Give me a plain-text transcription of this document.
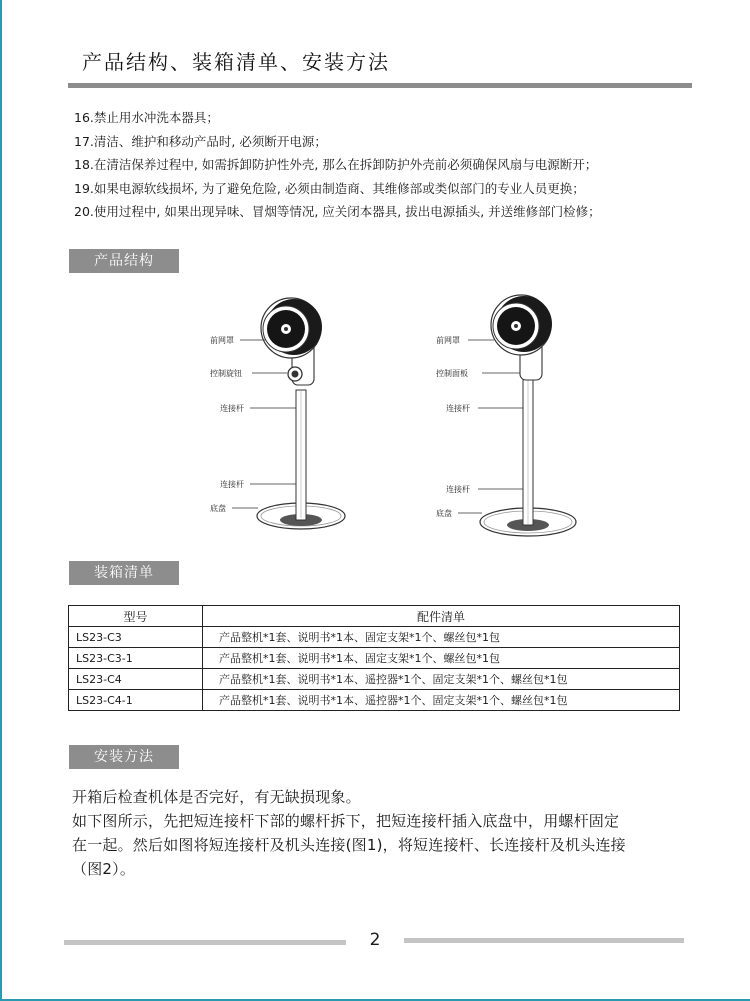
产品结构、装箱清单、安装方法
16.禁止用水冲洗本器具；
17.清洁、维护和移动产品时, 必须断开电源；
18.在清洁保养过程中, 如需拆卸防护性外壳, 那么在拆卸防护外壳前必须确保风扇与电源断开；
19.如果电源软线损坏, 为了避免危险, 必须由制造商、其维修部或类似部门的专业人员更换；
20.使用过程中, 如果出现异味、冒烟等情况, 应关闭本器具, 拔出电源插头, 并送维修部门检修；
产品结构
前网罩
控制旋钮
连接杆
连接杆
底盘
前网罩
控制面板
连接杆
连接杆
底盘
装箱清单
型号	配件清单
LS23-C3	产品整机*1套、说明书*1本、固定支架*1个、螺丝包*1包
LS23-C3-1	产品整机*1套、说明书*1本、固定支架*1个、螺丝包*1包
LS23-C4	产品整机*1套、说明书*1本、遥控器*1个、固定支架*1个、螺丝包*1包
LS23-C4-1	产品整机*1套、说明书*1本、遥控器*1个、固定支架*1个、螺丝包*1包
安装方法
开箱后检查机体是否完好，有无缺损现象。
如下图所示，先把短连接杆下部的螺杆拆下，把短连接杆插入底盘中，用螺杆固定
在一起。然后如图将短连接杆及机头连接(图1)，将短连接杆、长连接杆及机头连接
（图2）。
2
